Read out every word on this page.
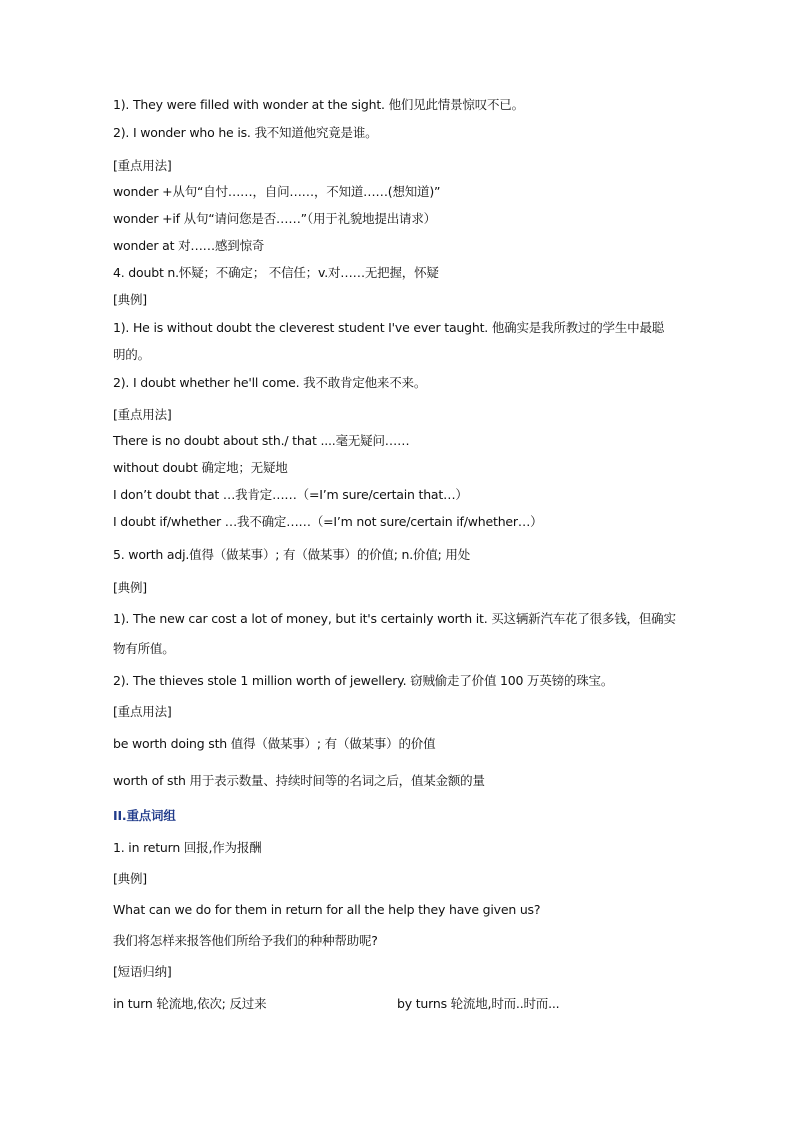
1). They were filled with wonder at the sight. 他们见此情景惊叹不已。
2). I wonder who he is. 我不知道他究竟是谁。
[重点用法]
wonder +从句“自忖……，自问……，不知道……(想知道)”
wonder +if 从句“请问您是否……”（用于礼貌地提出请求）
wonder at 对……感到惊奇
4. doubt n.怀疑；不确定； 不信任；v.对……无把握，怀疑
[典例]
1). He is without doubt the cleverest student I've ever taught. 他确实是我所教过的学生中最聪
明的。
2). I doubt whether he'll come. 我不敢肯定他来不来。
[重点用法]
There is no doubt about sth./ that ....毫无疑问……
without doubt 确定地；无疑地
I don’t doubt that …我肯定……（=I’m sure/certain that…）
I doubt if/whether …我不确定……（=I’m not sure/certain if/whether…）
5. worth adj.值得（做某事）; 有（做某事）的价值; n.价值; 用处
[典例]
1). The new car cost a lot of money, but it's certainly worth it. 买这辆新汽车花了很多钱，但确实
物有所值。
2). The thieves stole 1 million worth of jewellery. 窃贼偷走了价值 100 万英镑的珠宝。
[重点用法]
be worth doing sth 值得（做某事）; 有（做某事）的价值
worth of sth 用于表示数量、持续时间等的名词之后，值某金额的量
II.重点词组
1. in return 回报,作为报酬
[典例]
What can we do for them in return for all the help they have given us?
我们将怎样来报答他们所给予我们的种种帮助呢?
[短语归纳]
in turn 轮流地,依次; 反过来	by turns 轮流地,时而..时而...
